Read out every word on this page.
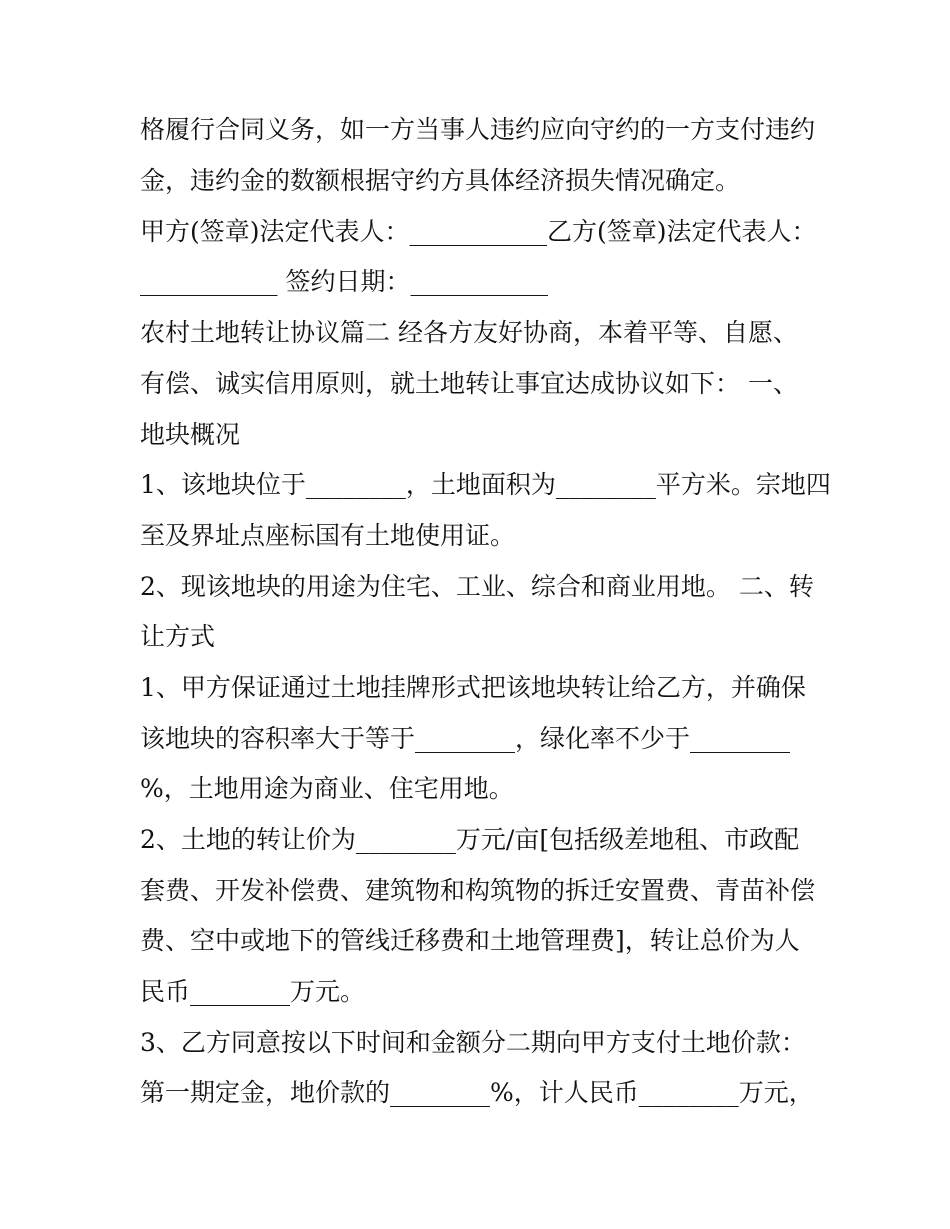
格履行合同义务，如一方当事人违约应向守约的一方支付违约

金，违约金的数额根据守约方具体经济损失情况确定。

甲方(签章)法定代表人：___________乙方(签章)法定代表人：

___________ 签约日期：___________

农村土地转让协议篇二 经各方友好协商，本着平等、自愿、

有偿、诚实信用原则，就土地转让事宜达成协议如下： 一、

地块概况

1、该地块位于________，土地面积为________平方米。宗地四

至及界址点座标国有土地使用证。

2、现该地块的用途为住宅、工业、综合和商业用地。 二、转

让方式

1、甲方保证通过土地挂牌形式把该地块转让给乙方，并确保

该地块的容积率大于等于________，绿化率不少于________

%，土地用途为商业、住宅用地。

2、土地的转让价为________万元/亩[包括级差地租、市政配

套费、开发补偿费、建筑物和构筑物的拆迁安置费、青苗补偿

费、空中或地下的管线迁移费和土地管理费]，转让总价为人

民币________万元。

3、乙方同意按以下时间和金额分二期向甲方支付土地价款：

第一期定金，地价款的________%，计人民币________万元，
